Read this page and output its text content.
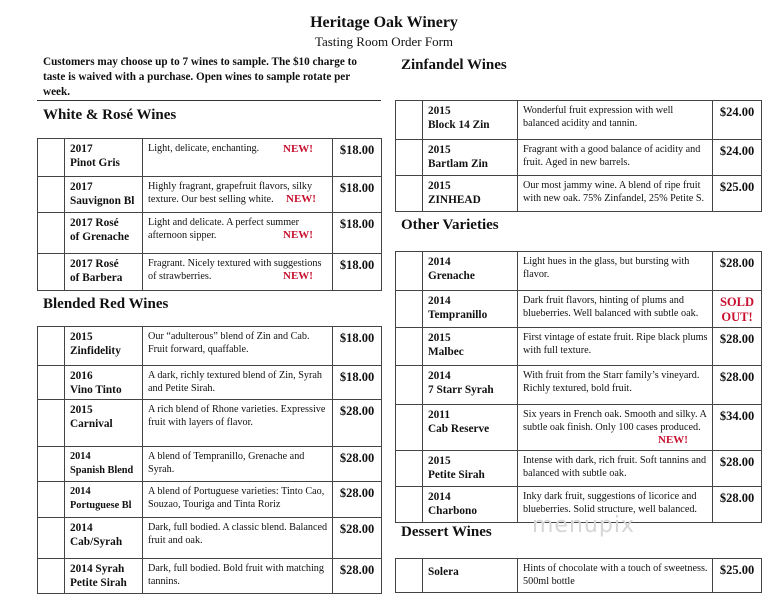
Heritage Oak Winery
Tasting Room Order Form
Customers may choose up to 7 wines to sample. The $10 charge to taste is waived with a purchase. Open wines to sample rotate per week.
White & Rosé Wines

2017
Pinot Gris
	Light, delicate, enchanting. NEW!	$18.00

2017
Sauvignon Bl
	Highly fragrant, grapefruit flavors, silky texture. Our best selling white. NEW!
	$18.00

2017 Rosé
of Grenache
	Light and delicate. A perfect summer afternoon sipper.	NEW!
	$18.00

2017 Rosé
of Barbera
	Fragrant. Nicely textured with suggestions of strawberries.	NEW!
	$18.00
Blended Red Wines

	2015
Zinfidelity	Our “adulterous” blend of Zin and Cab. Fruit forward, quaffable.	$18.00

	2016
Vino Tinto	A dark, richly textured blend of Zin, Syrah and Petite Sirah.	$18.00

	2015
Carnival	A rich blend of Rhone varieties. Expressive fruit with layers of flavor.	$28.00

	2014
Spanish Blend	A blend of Tempranillo, Grenache and Syrah.	$28.00

	2014
Portuguese Bl	A blend of Portuguese varieties: Tinto Cao, Souzao, Touriga and Tinta Roriz	$28.00

	2014
Cab/Syrah	Dark, full bodied. A classic blend. Balanced fruit and oak.	$28.00

	2014 Syrah
Petite Sirah	Dark, full bodied. Bold fruit with matching tannins.	$28.00
Zinfandel Wines

	2015
Block 14 Zin	Wonderful fruit expression with well balanced acidity and tannin.	$24.00

	2015
Bartlam Zin	Fragrant with a good balance of acidity and fruit. Aged in new barrels.	$24.00

	2015
ZINHEAD	Our most jammy wine. A blend of ripe fruit with new oak. 75% Zinfandel, 25% Petite S.	$25.00
Other Varieties

	2014
Grenache	Light hues in the glass, but bursting with flavor.	$28.00

2014
Tempranillo
	Dark fruit flavors, hinting of plums and blueberries. Well balanced with subtle oak.	
SOLD
OUT!

	2015
Malbec	First vintage of estate fruit. Ripe black plums with full texture.	$28.00

	2014
7 Starr Syrah	With fruit from the Starr family’s vineyard. Richly textured, bold fruit.	$28.00

2011
Cab Reserve
	Six years in French oak. Smooth and silky. A subtle oak finish. Only 100 cases produced.
NEW!
	$34.00

	2015
Petite Sirah	Intense with dark, rich fruit. Soft tannins and balanced with subtle oak.	$28.00

	2014
Charbono	Inky dark fruit, suggestions of licorice and blueberries. Solid structure, well balanced.	$28.00
Dessert Wines menupix
	Solera	Hints of chocolate with a touch of sweetness. 500ml bottle	$25.00
